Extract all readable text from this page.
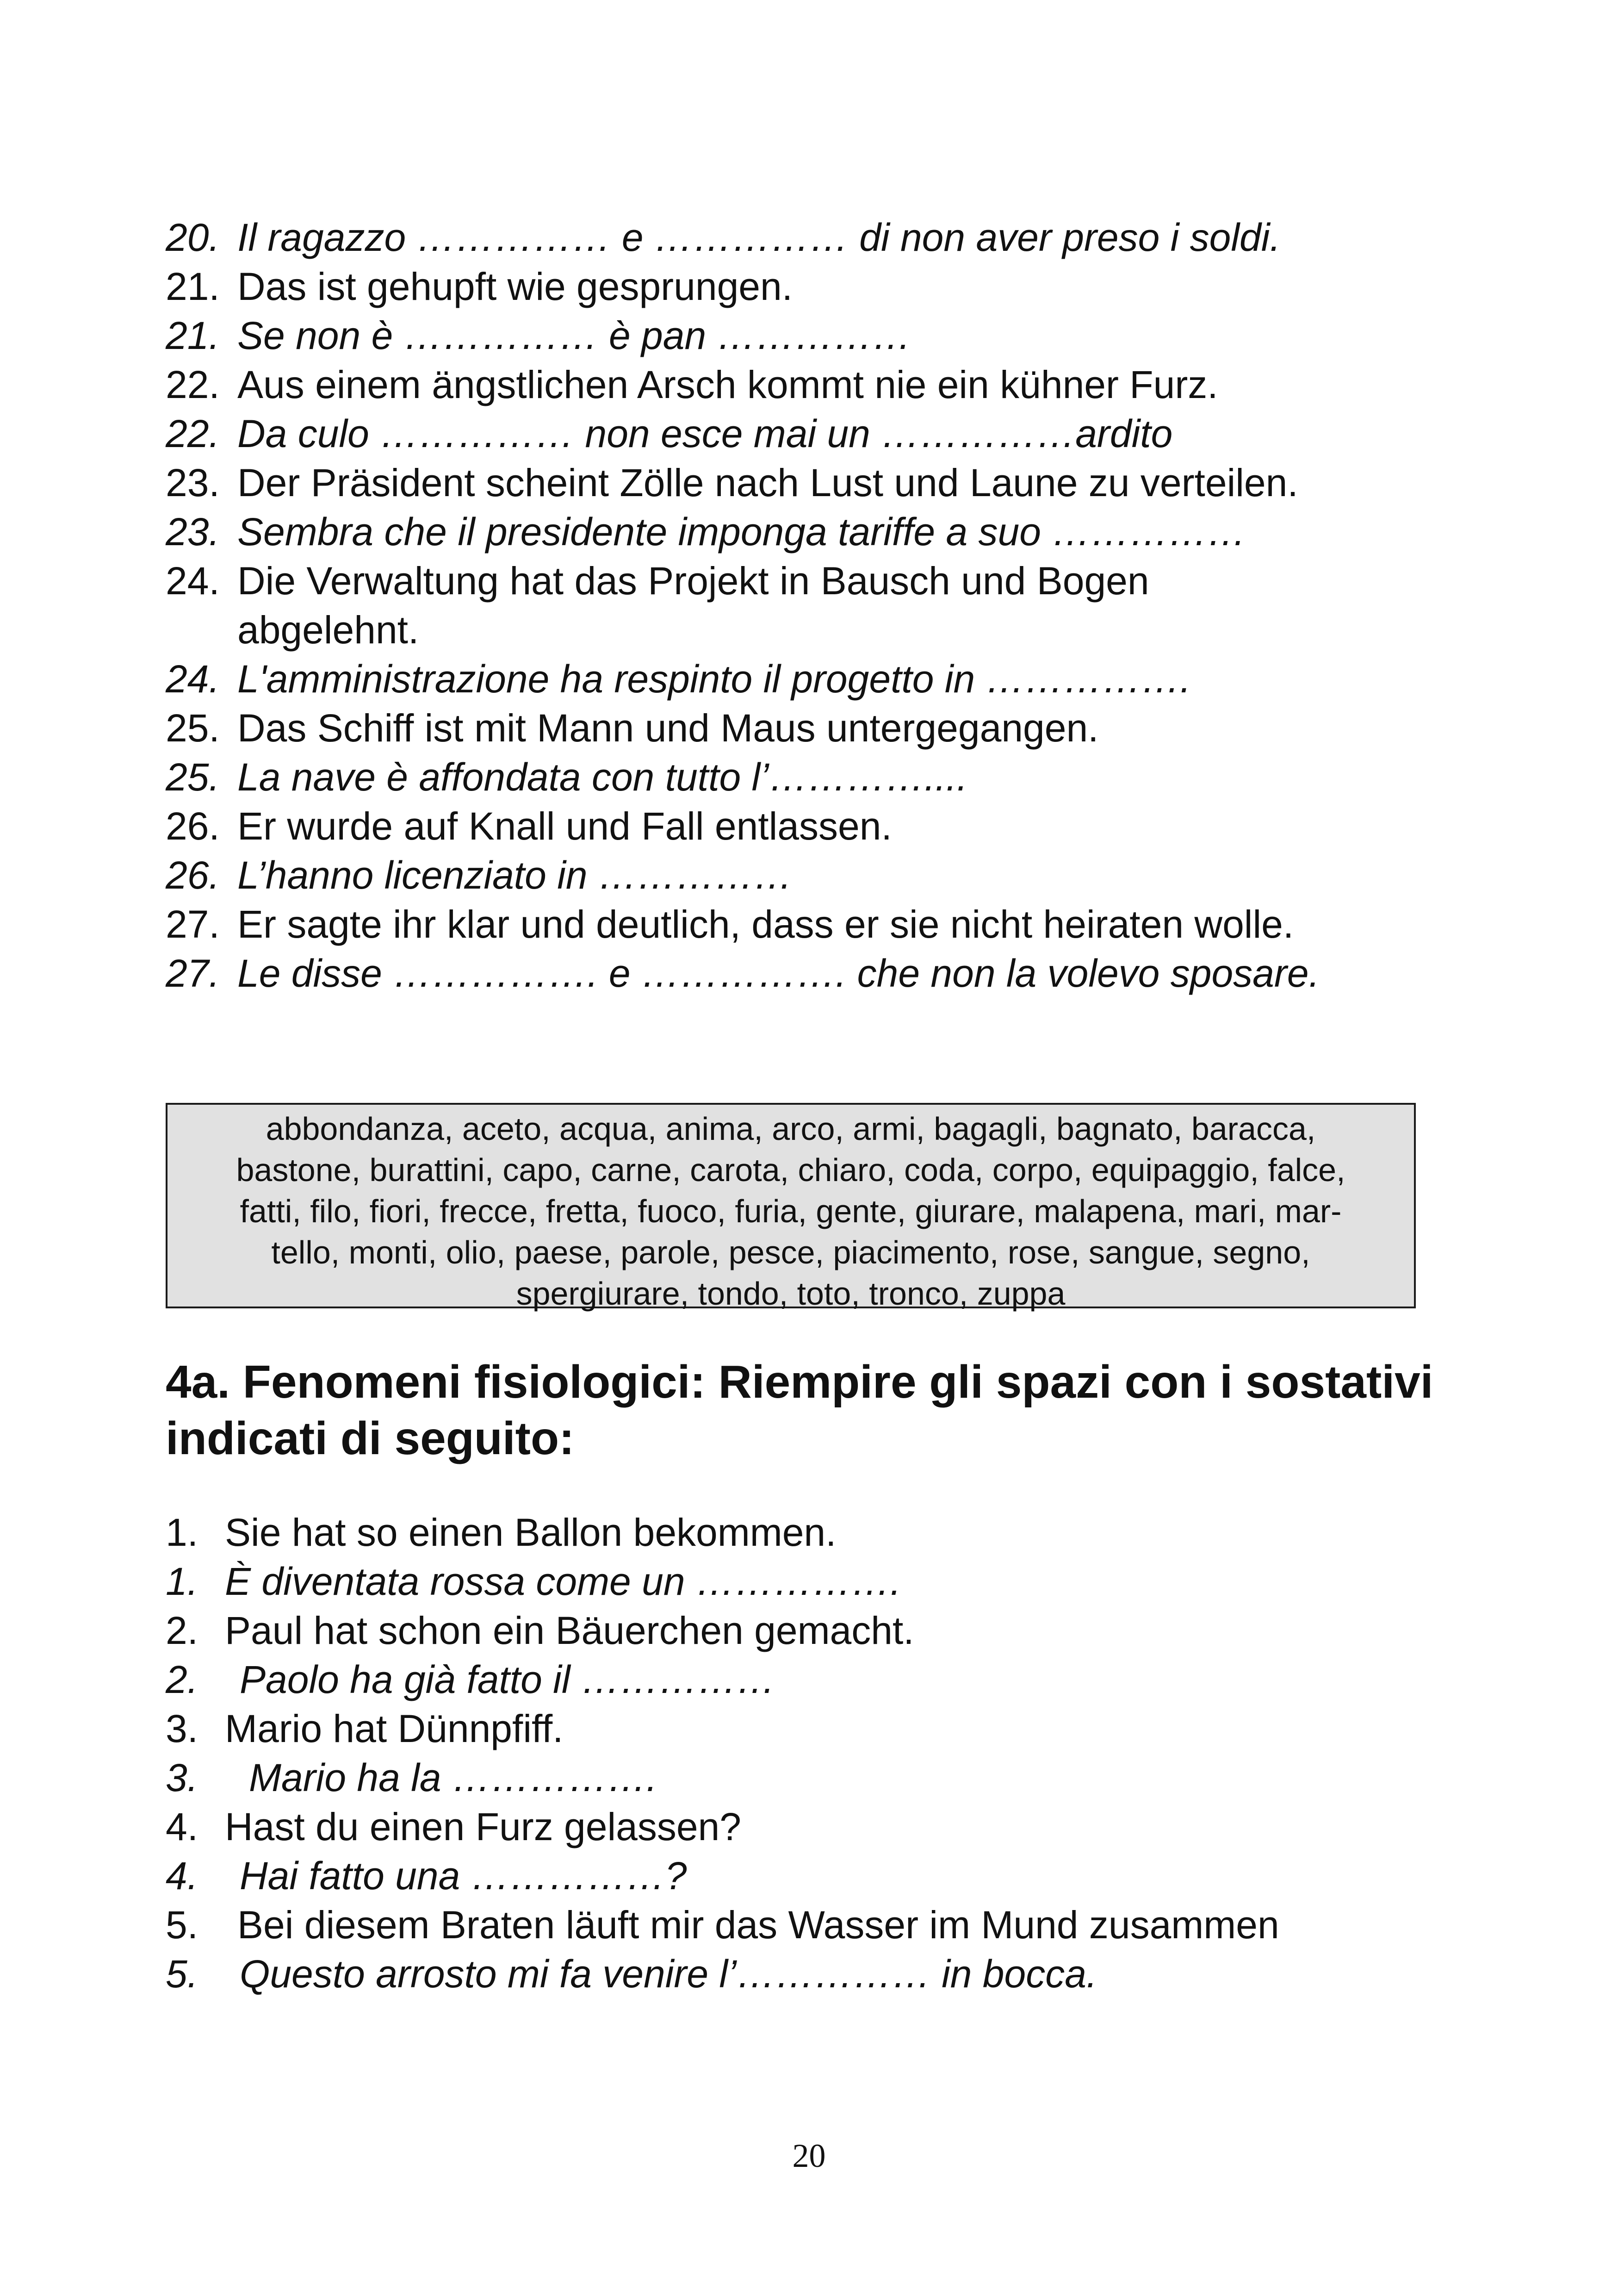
20. Il ragazzo …………… e …………… di non aver preso i soldi.
21. Das ist gehupft wie gesprungen.
21. Se non è …………… è pan ……………
22. Aus einem ängstlichen Arsch kommt nie ein kühner Furz.
22. Da culo …………… non esce mai un ……………ardito
23. Der Präsident scheint Zölle nach Lust und Laune zu verteilen.
23. Sembra che il presidente imponga tariffe a suo ……………
24. Die Verwaltung hat das Projekt in Bausch und Bogen abgelehnt.
24. L'amministrazione ha respinto il progetto in …………….
25. Das Schiff ist mit Mann und Maus untergegangen.
25. La nave è affondata con tutto l’…………....
26. Er wurde auf Knall und Fall entlassen.
26. L’hanno licenziato in ……………
27. Er sagte ihr klar und deutlich, dass er sie nicht heiraten wolle.
27. Le disse ……………. e ……………. che non la volevo sposare.
abbondanza, aceto, acqua, anima, arco, armi, bagagli, bagnato, baracca,
bastone, burattini, capo, carne, carota, chiaro, coda, corpo, equipaggio, falce,
fatti, filo, fiori, frecce, fretta, fuoco, furia, gente, giurare, malapena, mari, mar-
tello, monti, olio, paese, parole, pesce, piacimento, rose, sangue, segno,
spergiurare, tondo, toto, tronco, zuppa
4a. Fenomeni fisiologici: Riempire gli spazi con i sostativi indicati di seguito:
1. Sie hat so einen Ballon bekommen.
1. È diventata rossa come un …………….
2. Paul hat schon ein Bäuerchen gemacht.
2.	Paolo ha già fatto il ……………
3. Mario hat Dünnpfiff.
3.	Mario ha la …………….
4. Hast du einen Furz gelassen?
4.	Hai fatto una ……………?
5.	Bei diesem Braten läuft mir das Wasser im Mund zusammen
5.	Questo arrosto mi fa venire l’…………… in bocca.
20
